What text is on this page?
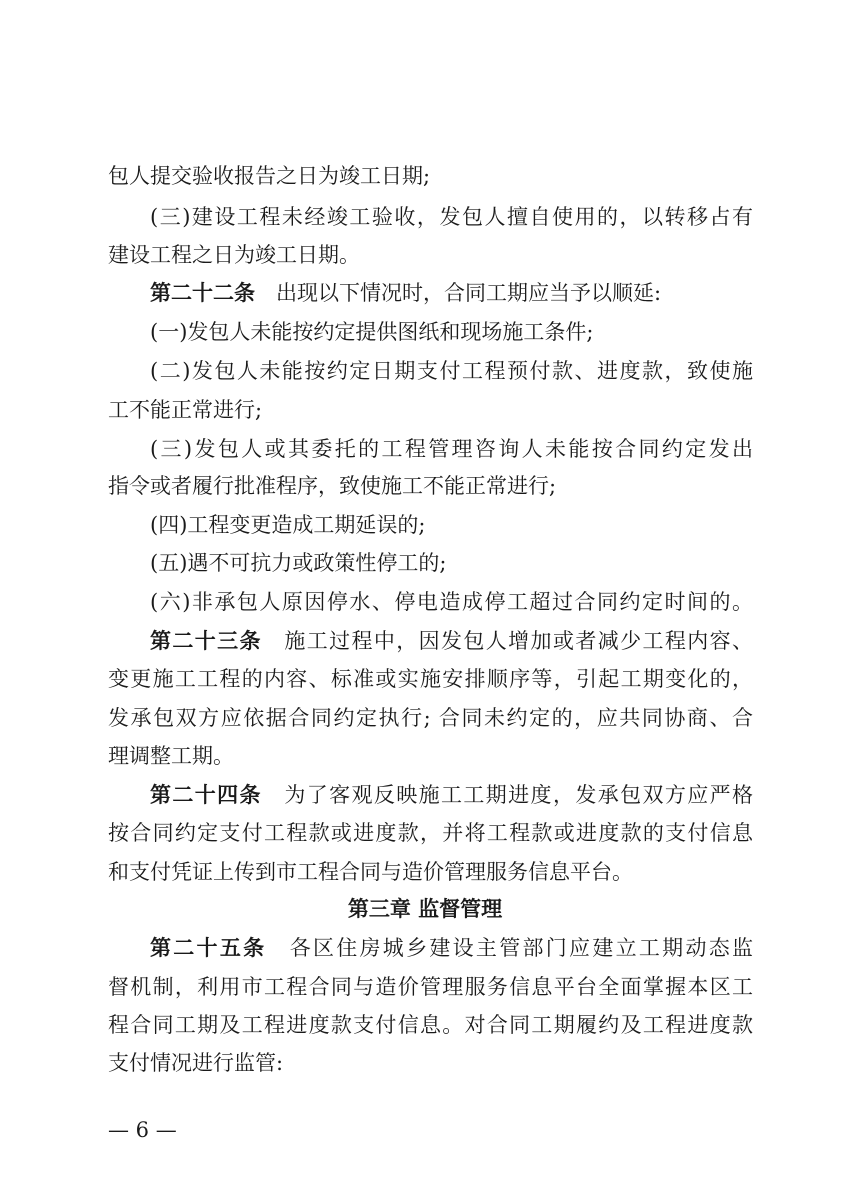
包人提交验收报告之日为竣工日期;
(三)建设工程未经竣工验收，发包人擅自使用的，以转移占有
建设工程之日为竣工日期。
第二十二条　 出现以下情况时，合同工期应当予以顺延:
(一)发包人未能按约定提供图纸和现场施工条件;
(二)发包人未能按约定日期支付工程预付款、进度款，致使施
工不能正常进行;
(三)发包人或其委托的工程管理咨询人未能按合同约定发出
指令或者履行批准程序，致使施工不能正常进行;
(四)工程变更造成工期延误的;
(五)遇不可抗力或政策性停工的;
(六)非承包人原因停水、停电造成停工超过合同约定时间的。
第二十三条　 施工过程中，因发包人增加或者减少工程内容、
变更施工工程的内容、标准或实施安排顺序等，引起工期变化的，
发承包双方应依据合同约定执行; 合同未约定的，应共同协商、合
理调整工期。
第二十四条　 为了客观反映施工工期进度，发承包双方应严格
按合同约定支付工程款或进度款，并将工程款或进度款的支付信息
和支付凭证上传到市工程合同与造价管理服务信息平台。
第三章 监督管理
第二十五条　 各区住房城乡建设主管部门应建立工期动态监
督机制，利用市工程合同与造价管理服务信息平台全面掌握本区工
程合同工期及工程进度款支付信息。对合同工期履约及工程进度款
支付情况进行监管:
— 6 —
